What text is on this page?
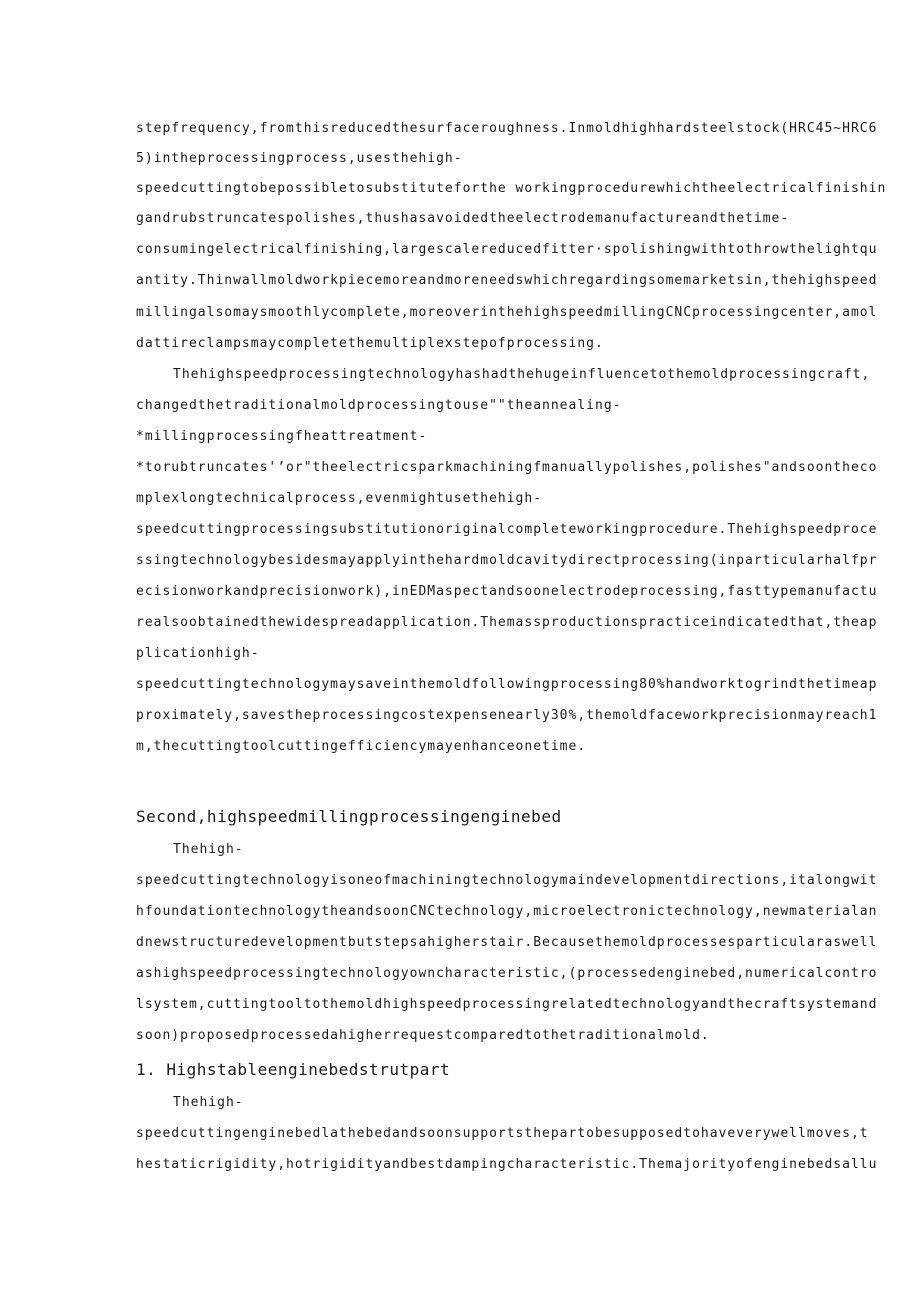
stepfrequency,fromthisreducedthesurfaceroughness.Inmoldhighhardsteelstock(HRC45~HRC6
5)intheprocessingprocess,usesthehigh-
speedcuttingtobepossibletosubstituteforthe workingprocedurewhichtheelectricalfinishin
gandrubstruncatespolishes,thushasavoidedtheelectrodemanufactureandthetime-
consumingelectricalfinishing,largescalereducedfitter·spolishingwithtothrowthelightqu
antity.Thinwallmoldworkpiecemoreandmoreneedswhichregardingsomemarketsin,thehighspeed
millingalsomaysmoothlycomplete,moreoverinthehighspeedmillingCNCprocessingcenter,amol
dattireclampsmaycompletethemultiplexstepofprocessing.
Thehighspeedprocessingtechnologyhashadthehugeinfluencetothemoldprocessingcraft,
changedthetraditionalmoldprocessingtouse""theannealing-
*millingprocessingfheattreatment-
*torubtruncates'’or"theelectricsparkmachiningfmanuallypolishes,polishes"andsoontheco
mplexlongtechnicalprocess,evenmightusethehigh-
speedcuttingprocessingsubstitutionoriginalcompleteworkingprocedure.Thehighspeedproce
ssingtechnologybesidesmayapplyinthehardmoldcavitydirectprocessing(inparticularhalfpr
ecisionworkandprecisionwork),inEDMaspectandsoonelectrodeprocessing,fasttypemanufactu
realsoobtainedthewidespreadapplication.Themassproductionspracticeindicatedthat,theap
plicationhigh-
speedcuttingtechnologymaysaveinthemoldfollowingprocessing80%handworktogrindthetimeap
proximately,savestheprocessingcostexpensenearly30%,themoldfaceworkprecisionmayreach1
m,thecuttingtoolcuttingefficiencymayenhanceonetime.
Second,highspeedmillingprocessingenginebed
Thehigh-
speedcuttingtechnologyisoneofmachiningtechnologymaindevelopmentdirections,italongwit
hfoundationtechnologytheandsoonCNCtechnology,microelectronictechnology,newmaterialan
dnewstructuredevelopmentbutstepsahigherstair.Becausethemoldprocessesparticularaswell
ashighspeedprocessingtechnologyowncharacteristic,(processedenginebed,numericalcontro
lsystem,cuttingtooltothemoldhighspeedprocessingrelatedtechnologyandthecraftsystemand
soon)proposedprocessedahigherrequestcomparedtothetraditionalmold.
1. Highstableenginebedstrutpart
Thehigh-
speedcuttingenginebedlathebedandsoonsupportsthepartobesupposedtohaveverywellmoves,t
hestaticrigidity,hotrigidityandbestdampingcharacteristic.Themajorityofenginebedsallu
